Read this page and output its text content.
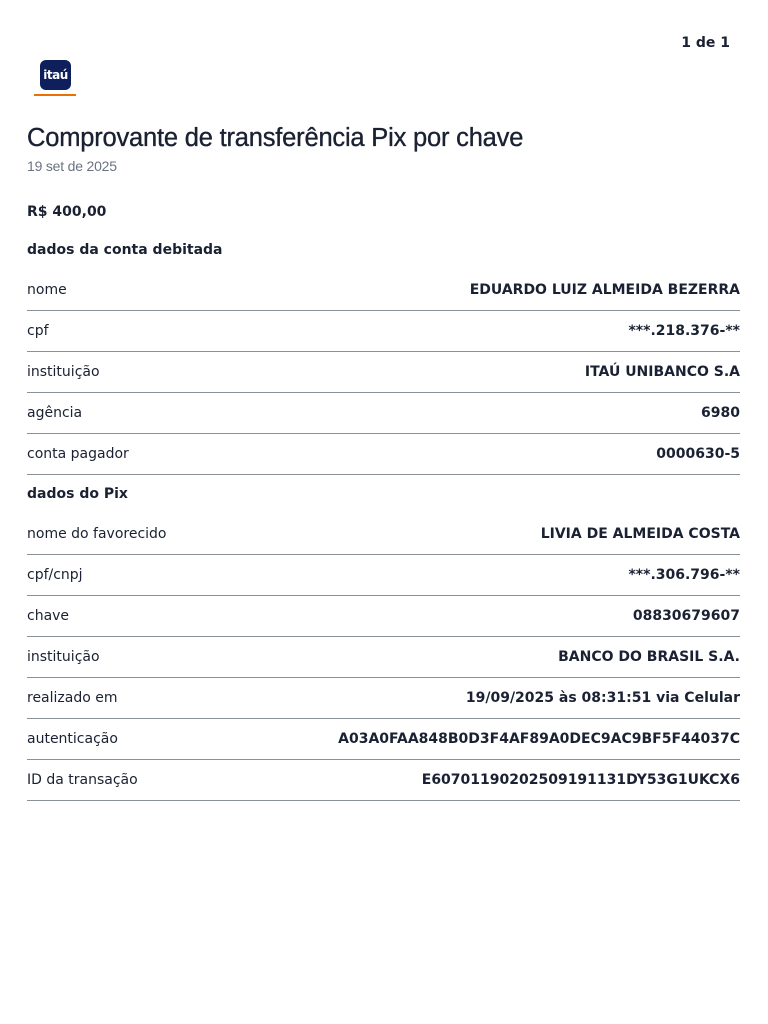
1 de 1
itaú
Comprovante de transferência Pix por chave
19 set de 2025
R$ 400,00
dados da conta debitada
nome	EDUARDO LUIZ ALMEIDA BEZERRA
cpf	***.218.376-**
instituição	ITAÚ UNIBANCO S.A
agência	6980
conta pagador	0000630-5
dados do Pix
nome do favorecido	LIVIA DE ALMEIDA COSTA
cpf/cnpj	***.306.796-**
chave	08830679607
instituição	BANCO DO BRASIL S.A.
realizado em	19/09/2025 às 08:31:51 via Celular
autenticação	A03A0FAA848B0D3F4AF89A0DEC9AC9BF5F44037C
ID da transação	E60701190202509191131DY53G1UKCX6
